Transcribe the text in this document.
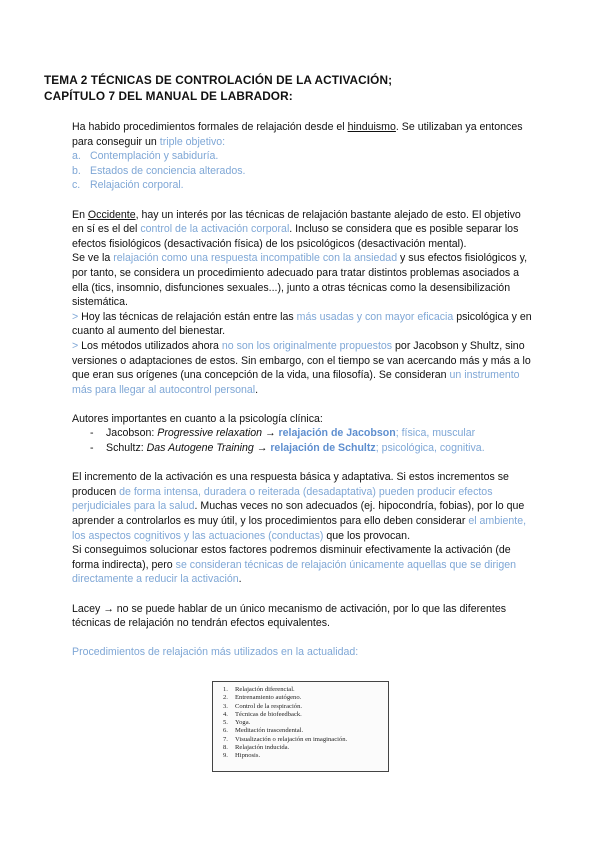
TEMA 2 TÉCNICAS DE CONTROLACIÓN DE LA ACTIVACIÓN;
CAPÍTULO 7 DEL MANUAL DE LABRADOR:

Ha habido procedimientos formales de relajación desde el hinduismo. Se utilizaban ya entonces para conseguir un triple objetivo:

a. Contemplación y sabiduría.
b. Estados de conciencia alterados.
c. Relajación corporal.

En Occidente, hay un interés por las técnicas de relajación bastante alejado de esto. El objetivo en sí es el del control de la activación corporal. Incluso se considera que es posible separar los efectos fisiológicos (desactivación física) de los psicológicos (desactivación mental).

Se ve la relajación como una respuesta incompatible con la ansiedad y sus efectos fisiológicos y, por tanto, se considera un procedimiento adecuado para tratar distintos problemas asociados a ella (tics, insomnio, disfunciones sexuales...), junto a otras técnicas como la desensibilización sistemática.

> Hoy las técnicas de relajación están entre las más usadas y con mayor eficacia psicológica y en cuanto al aumento del bienestar.

> Los métodos utilizados ahora no son los originalmente propuestos por Jacobson y Shultz, sino versiones o adaptaciones de estos. Sin embargo, con el tiempo se van acercando más y más a lo que eran sus orígenes (una concepción de la vida, una filosofía). Se consideran un instrumento más para llegar al autocontrol personal.

Autores importantes en cuanto a la psicología clínica:

- Jacobson: Progressive relaxation → relajación de Jacobson; física, muscular
- Schultz: Das Autogene Training → relajación de Schultz; psicológica, cognitiva.

El incremento de la activación es una respuesta básica y adaptativa. Si estos incrementos se producen de forma intensa, duradera o reiterada (desadaptativa) pueden producir efectos perjudiciales para la salud. Muchas veces no son adecuados (ej. hipocondría, fobias), por lo que aprender a controlarlos es muy útil, y los procedimientos para ello deben considerar el ambiente, los aspectos cognitivos y las actuaciones (conductas) que los provocan.

Si conseguimos solucionar estos factores podremos disminuir efectivamente la activación (de forma indirecta), pero se consideran técnicas de relajación únicamente aquellas que se dirigen directamente a reducir la activación.

Lacey → no se puede hablar de un único mecanismo de activación, por lo que las diferentes técnicas de relajación no tendrán efectos equivalentes.

Procedimientos de relajación más utilizados en la actualidad:

1. Relajación diferencial.
2. Entrenamiento autógeno.
3. Control de la respiración.
4. Técnicas de biofeedback.
5. Yoga.
6. Meditación trascendental.
7. Visualización o relajación en imaginación.
8. Relajación inducida.
9. Hipnosis.
